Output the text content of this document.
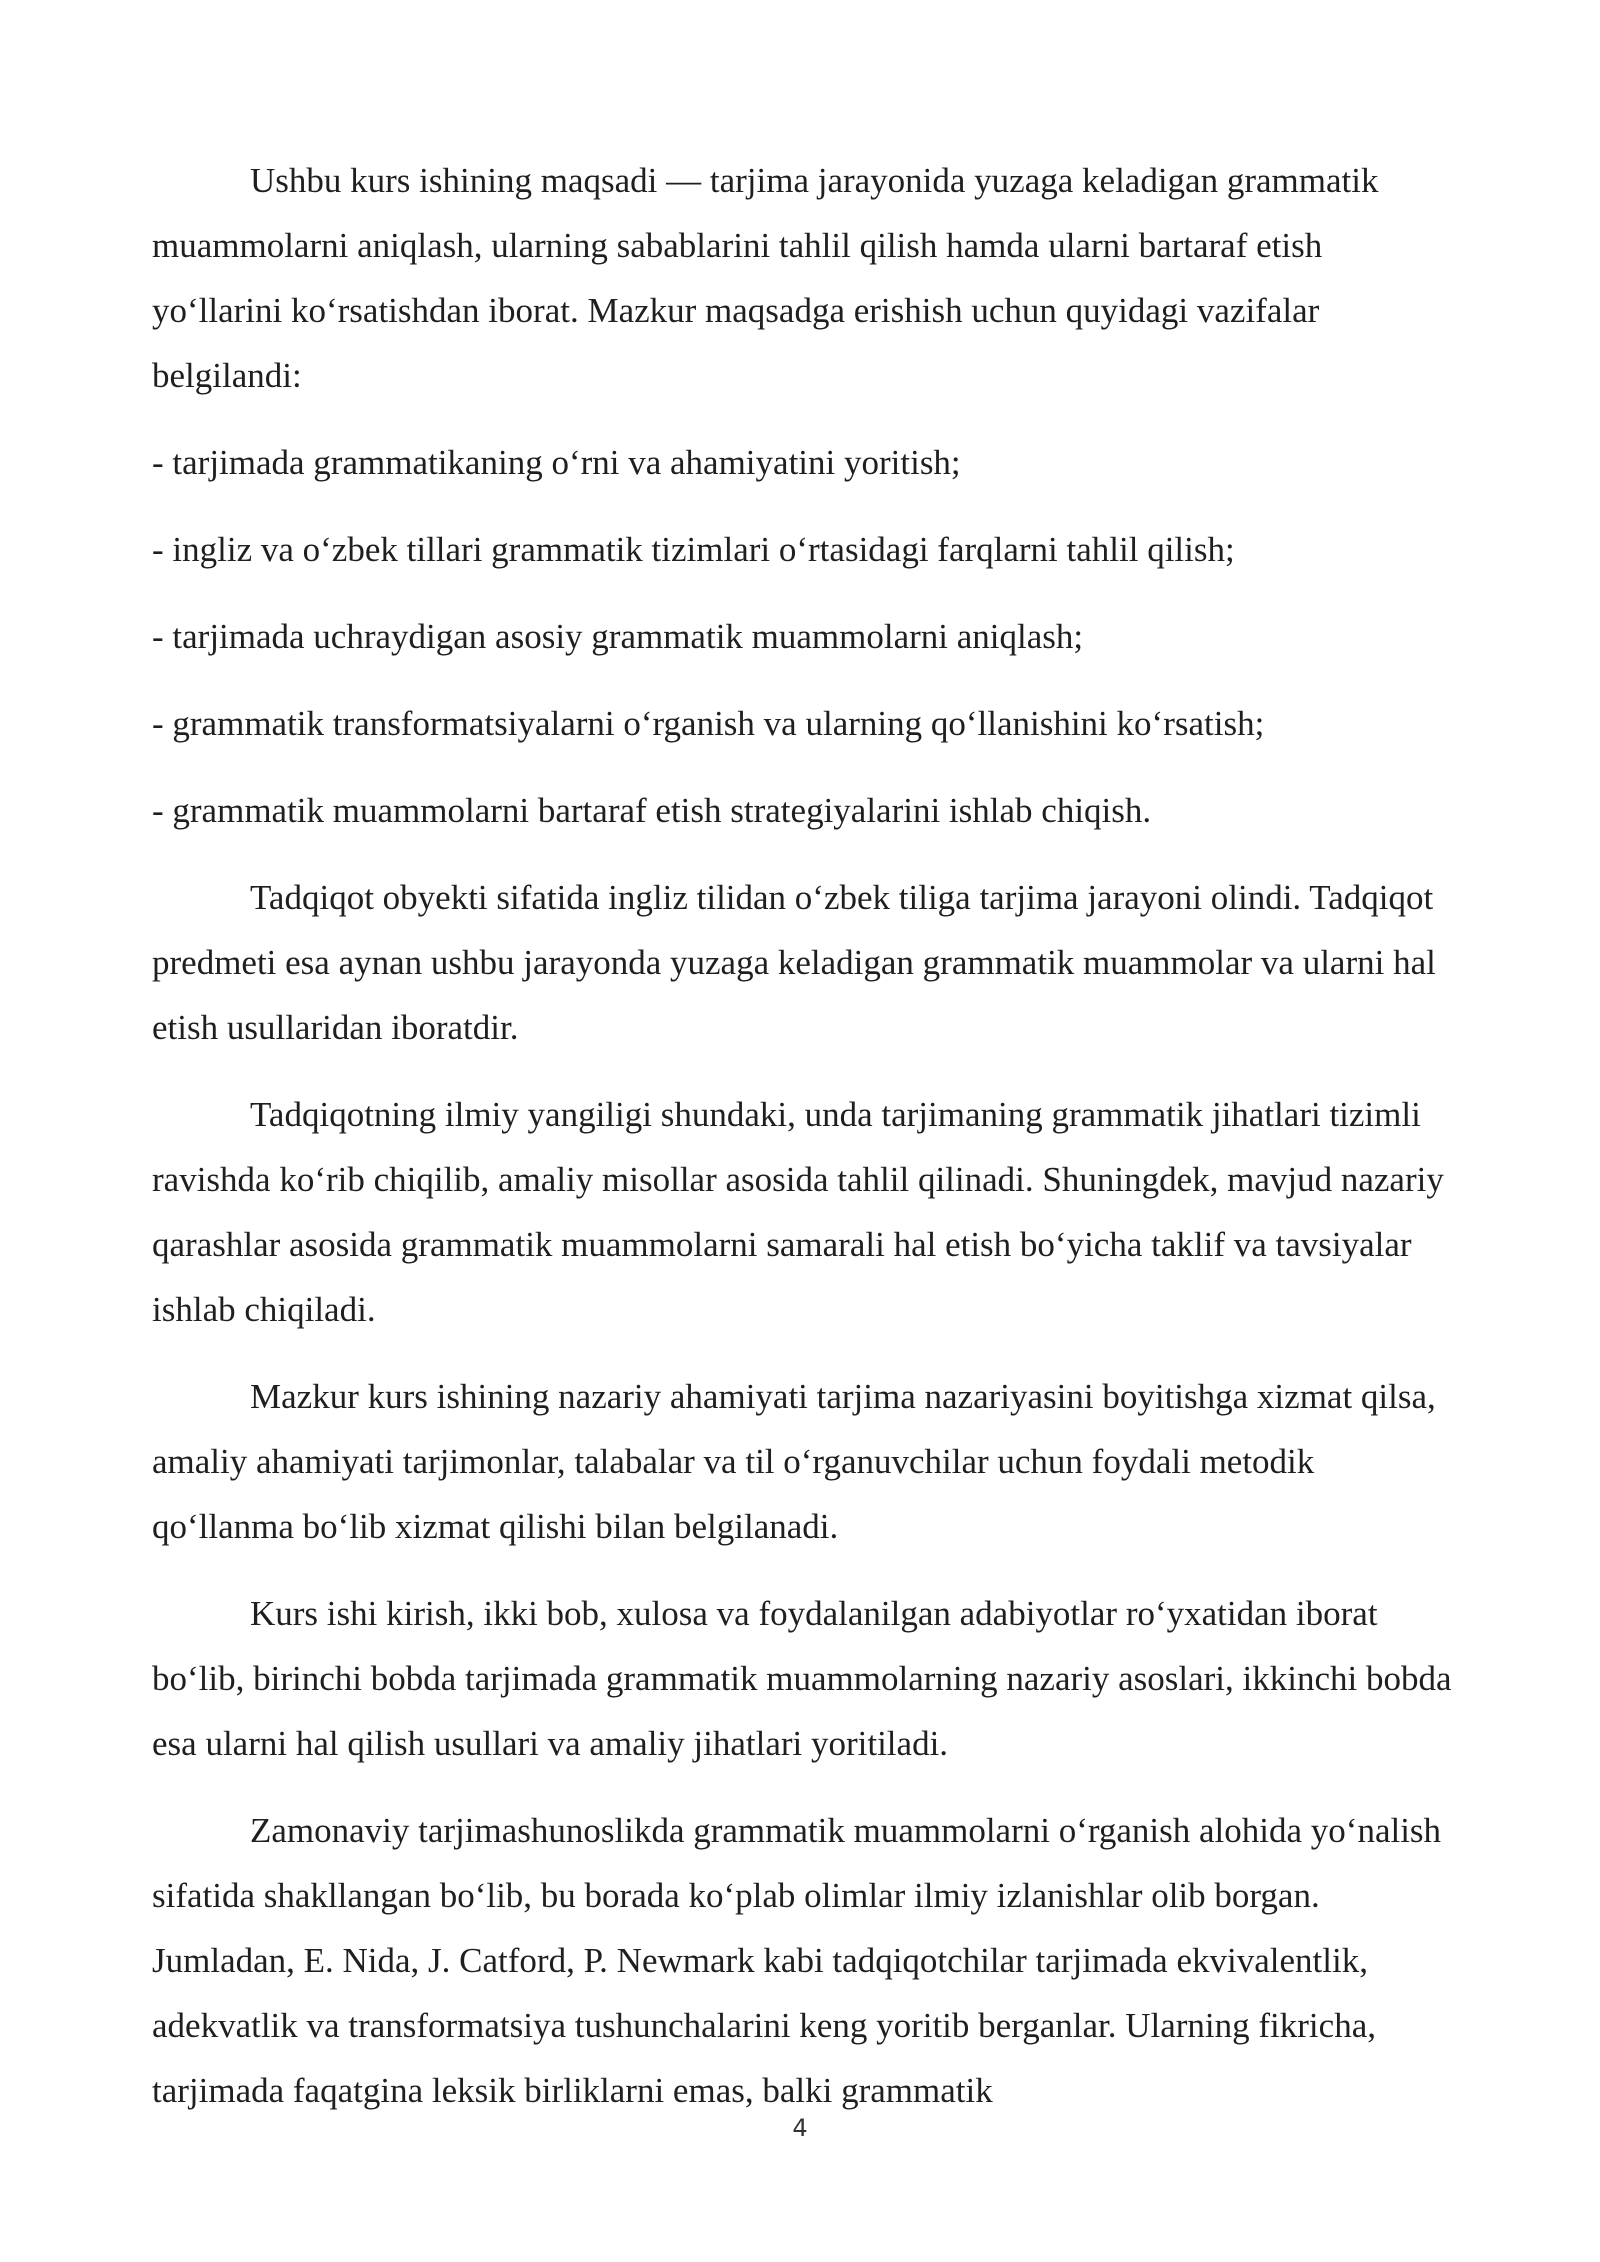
Ushbu kurs ishining maqsadi — tarjima jarayonida yuzaga keladigan grammatik muammolarni aniqlash, ularning sabablarini tahlil qilish hamda ularni bartaraf etish yo‘llarini ko‘rsatishdan iborat. Mazkur maqsadga erishish uchun quyidagi vazifalar belgilandi:

- tarjimada grammatikaning o‘rni va ahamiyatini yoritish;

- ingliz va o‘zbek tillari grammatik tizimlari o‘rtasidagi farqlarni tahlil qilish;

- tarjimada uchraydigan asosiy grammatik muammolarni aniqlash;

- grammatik transformatsiyalarni o‘rganish va ularning qo‘llanishini ko‘rsatish;

- grammatik muammolarni bartaraf etish strategiyalarini ishlab chiqish.

Tadqiqot obyekti sifatida ingliz tilidan o‘zbek tiliga tarjima jarayoni olindi. Tadqiqot predmeti esa aynan ushbu jarayonda yuzaga keladigan grammatik muammolar va ularni hal etish usullaridan iboratdir.

Tadqiqotning ilmiy yangiligi shundaki, unda tarjimaning grammatik jihatlari tizimli ravishda ko‘rib chiqilib, amaliy misollar asosida tahlil qilinadi. Shuningdek, mavjud nazariy qarashlar asosida grammatik muammolarni samarali hal etish bo‘yicha taklif va tavsiyalar ishlab chiqiladi.

Mazkur kurs ishining nazariy ahamiyati tarjima nazariyasini boyitishga xizmat qilsa, amaliy ahamiyati tarjimonlar, talabalar va til o‘rganuvchilar uchun foydali metodik qo‘llanma bo‘lib xizmat qilishi bilan belgilanadi.

Kurs ishi kirish, ikki bob, xulosa va foydalanilgan adabiyotlar ro‘yxatidan iborat bo‘lib, birinchi bobda tarjimada grammatik muammolarning nazariy asoslari, ikkinchi bobda esa ularni hal qilish usullari va amaliy jihatlari yoritiladi.

Zamonaviy tarjimashunoslikda grammatik muammolarni o‘rganish alohida yo‘nalish sifatida shakllangan bo‘lib, bu borada ko‘plab olimlar ilmiy izlanishlar olib borgan. Jumladan, E. Nida, J. Catford, P. Newmark kabi tadqiqotchilar tarjimada ekvivalentlik, adekvatlik va transformatsiya tushunchalarini keng yoritib berganlar. Ularning fikricha, tarjimada faqatgina leksik birliklarni emas, balki grammatik

4
